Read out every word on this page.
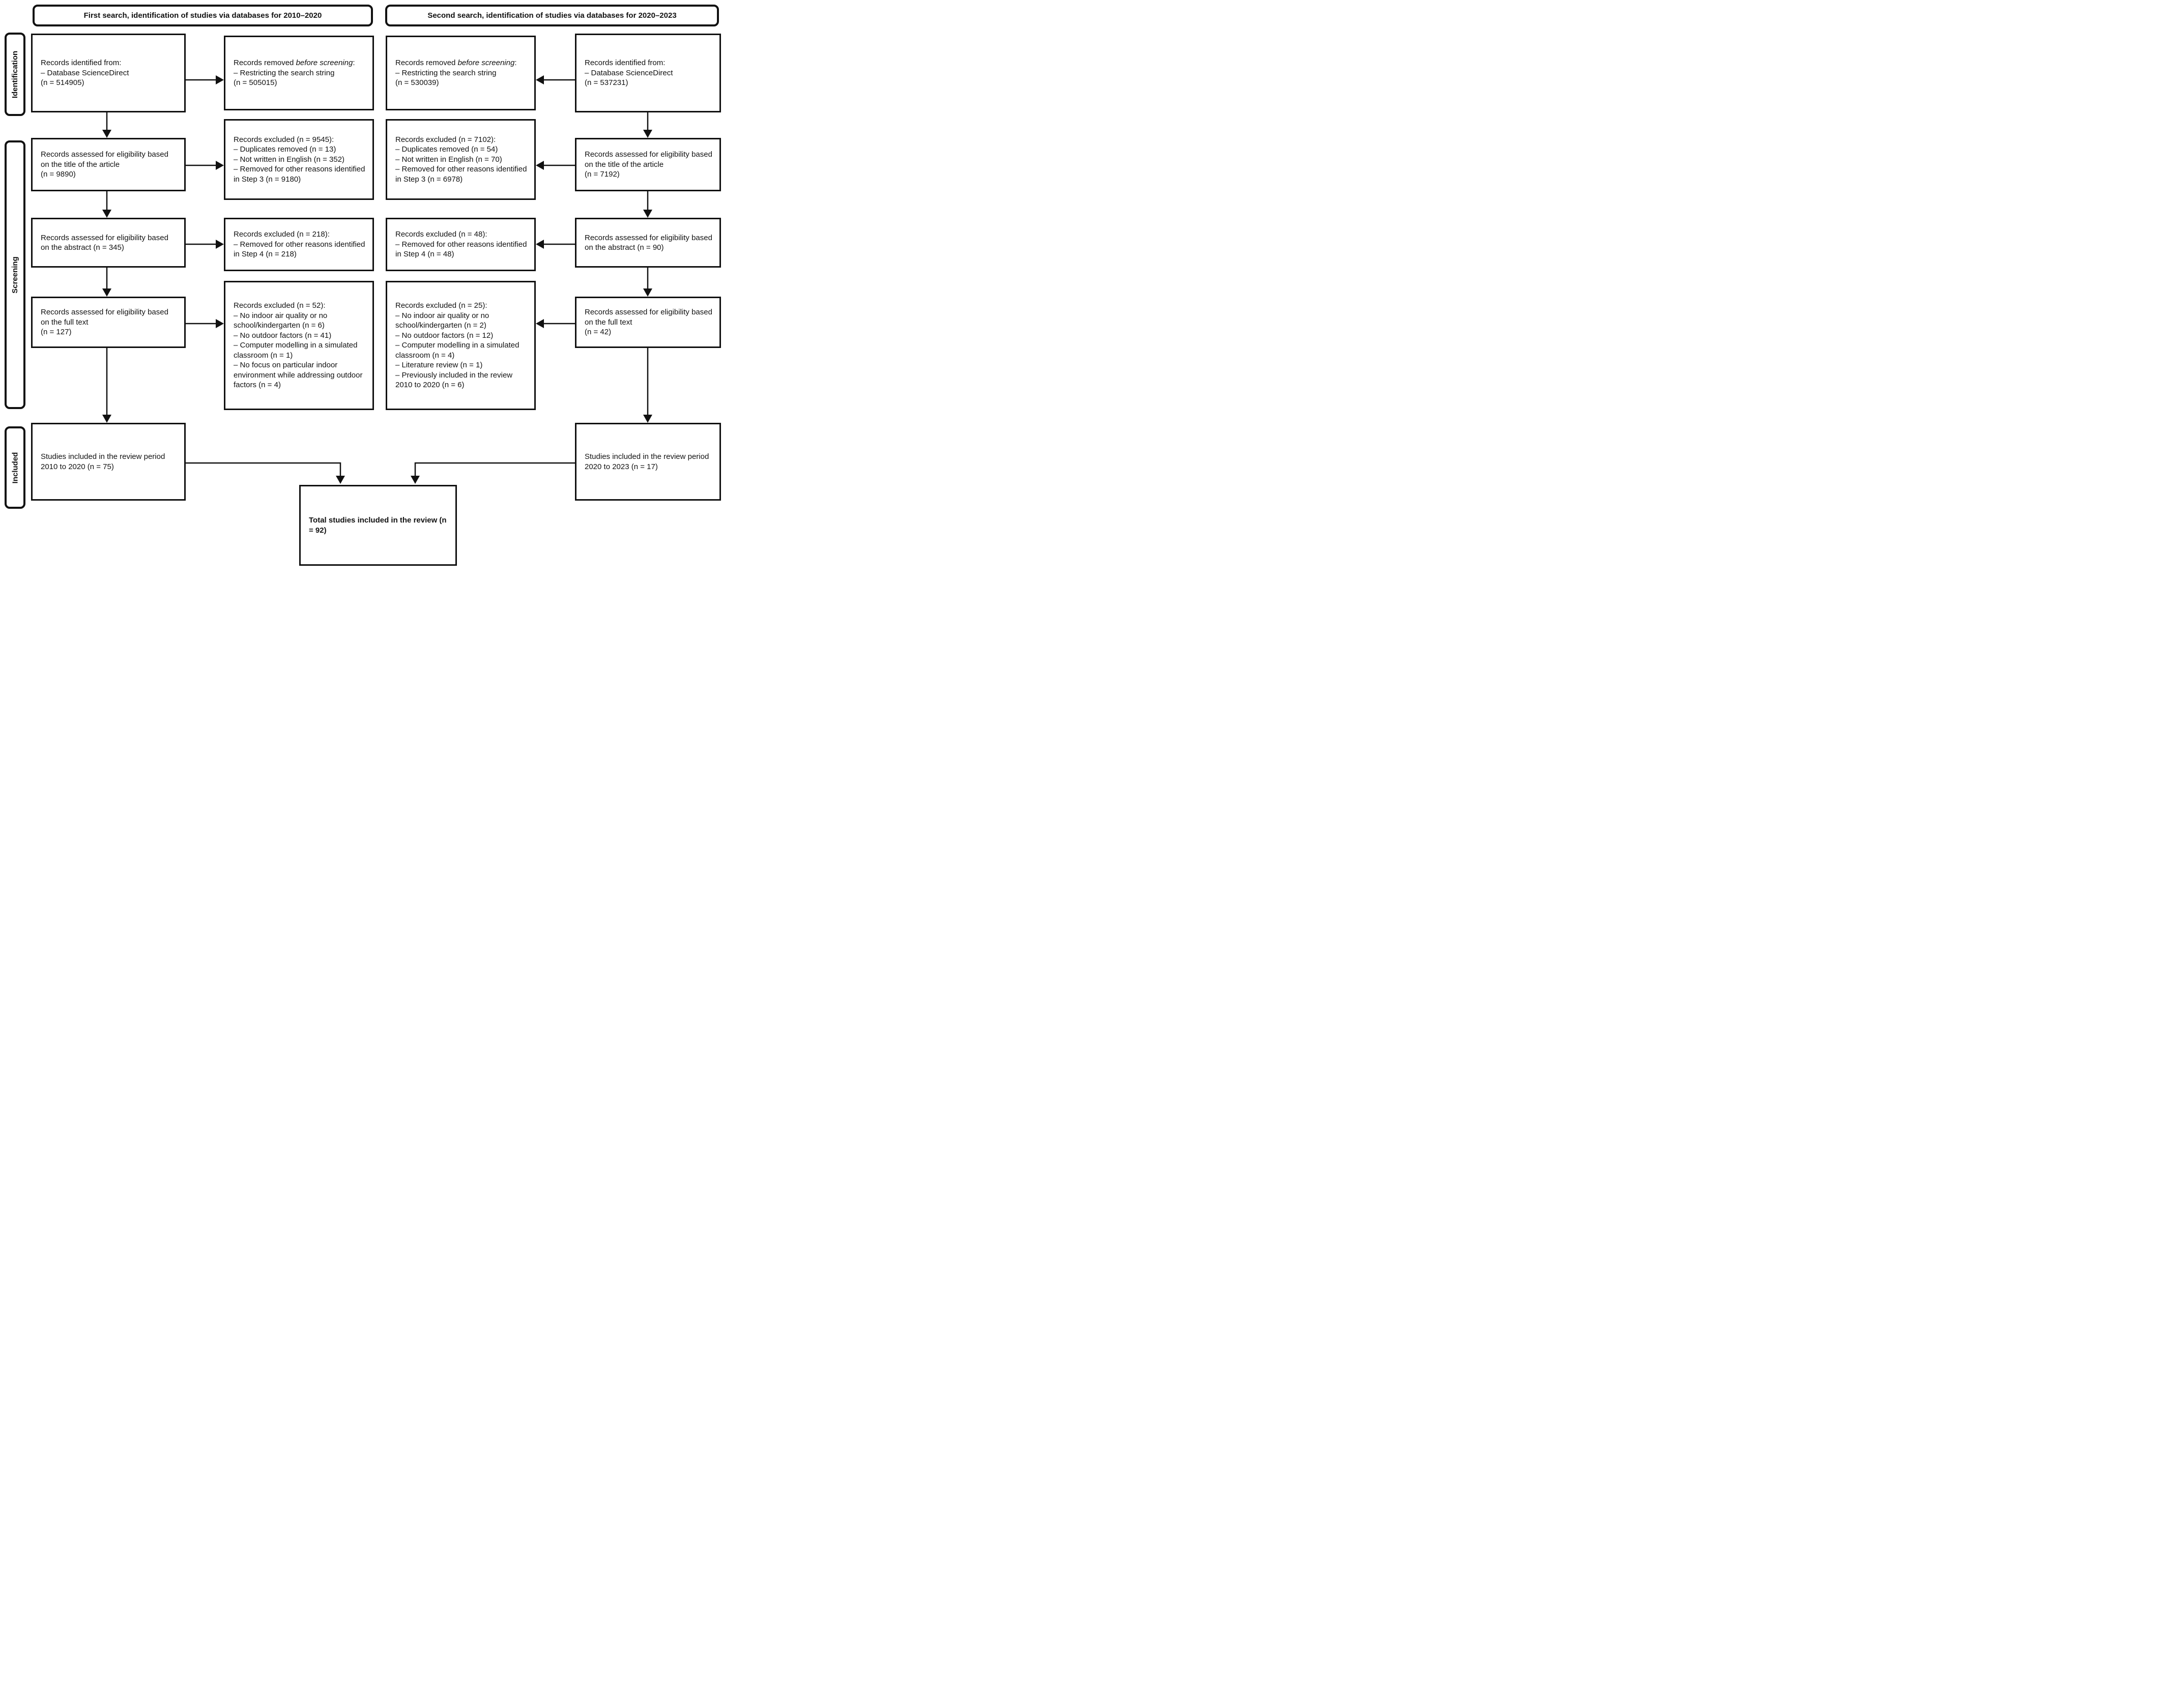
First search, identification of studies via databases for 2010–2020	Second search, identification of studies via databases for 2020–2023
Identification
Screening
Included
Records identified from:
– Database ScienceDirect
(n = 514905)
Records removed before screening:
– Restricting the search string
(n = 505015)
Records removed before screening:
– Restricting the search string
(n = 530039)
Records identified from:
– Database ScienceDirect
(n = 537231)
Records assessed for eligibility based on the title of the article
(n = 9890)
Records excluded (n = 9545):
– Duplicates removed (n = 13)
– Not written in English (n = 352)
– Removed for other reasons identified in Step 3 (n = 9180)
Records excluded (n = 7102):
– Duplicates removed (n = 54)
– Not written in English (n = 70)
– Removed for other reasons identified in Step 3 (n = 6978)
Records assessed for eligibility based on the title of the article
(n = 7192)
Records assessed for eligibility based on the abstract (n = 345)
Records excluded (n = 218):
– Removed for other reasons identified in Step 4 (n = 218)
Records excluded (n = 48):
– Removed for other reasons identified in Step 4 (n = 48)
Records assessed for eligibility based on the abstract (n = 90)
Records assessed for eligibility based on the full text
(n = 127)
Records excluded (n = 52):
– No indoor air quality or no school/kindergarten (n = 6)
– No outdoor factors (n = 41)
– Computer modelling in a simulated classroom (n = 1)
– No focus on particular indoor environment while addressing outdoor factors (n = 4)
Records excluded (n = 25):
– No indoor air quality or no school/kindergarten (n = 2)
– No outdoor factors (n = 12)
– Computer modelling in a simulated classroom (n = 4)
– Literature review (n = 1)
– Previously included in the review 2010 to 2020 (n = 6)
Records assessed for eligibility based on the full text
(n = 42)
Studies included in the review period 2010 to 2020 (n = 75)
Studies included in the review period 2020 to 2023 (n = 17)
Total studies included in the review (n = 92)
